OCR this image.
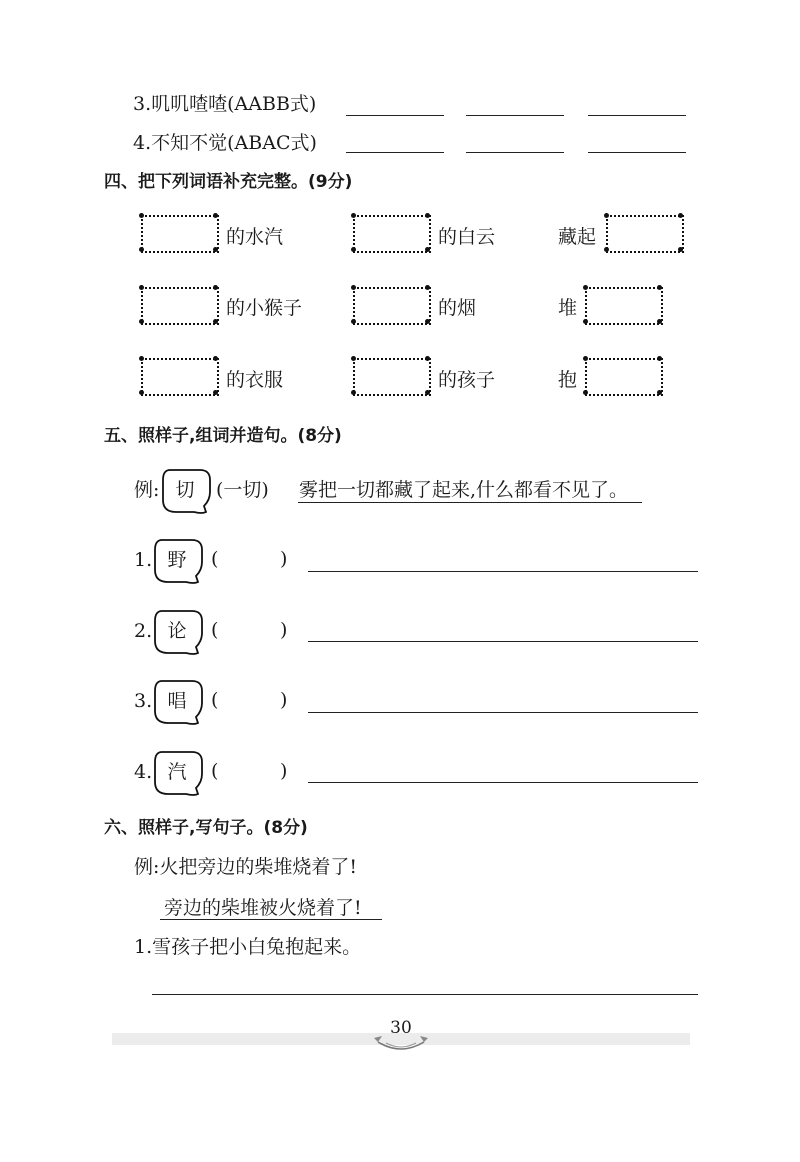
3.叽叽喳喳(AABB式)
4.不知不觉(ABAC式)
四、把下列词语补充完整。(9分)
的水汽	的白云	藏起
的小猴子	的烟	堆
的衣服	的孩子	抱
五、照样子,组词并造句。(8分)
例: 切	(一切) 雾把一切都藏了起来,什么都看不见了。
1. 野	(	)
2. 论	(	)
3. 唱	(	)
4. 汽	(	)
六、照样子,写句子。(8分)
例:火把旁边的柴堆烧着了!
旁边的柴堆被火烧着了!
1.雪孩子把小白兔抱起来。
30
